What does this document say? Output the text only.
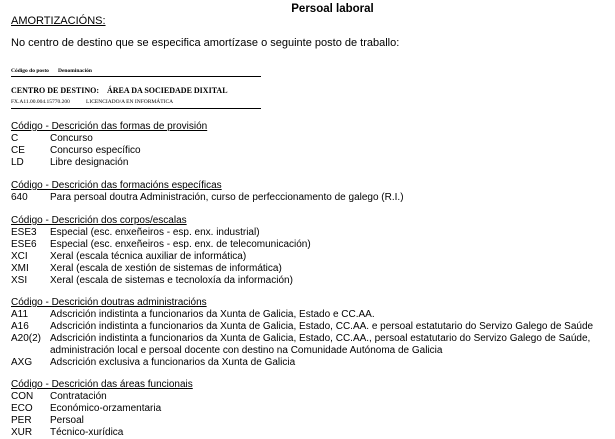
Persoal laboral
AMORTIZACIÓNS:
No centro de destino que se especifica amortízase o seguinte posto de traballo:
Código do posto Denominación
CENTRO DE DESTINO: ÁREA DA SOCIEDADE DIXITAL
FX.A11.00.004.15770.200	LICENCIADO/A EN INFORMÁTICA
Código - Descrición das formas de provisión
C	Concurso
CE	Concurso específico
LD	Libre designación
Código - Descrición das formacións específicas
640 Para persoal doutra Administración, curso de perfeccionamento de galego (R.I.)
Código - Descrición dos corpos/escalas
ESE3 Especial (esc. enxeñeiros - esp. enx. industrial)
ESE6 Especial (esc. enxeñeiros - esp. enx. de telecomunicación)
XCI Xeral (escala técnica auxiliar de informática)
XMI Xeral (escala de xestión de sistemas de informática)
XSI Xeral (escala de sistemas e tecnoloxía da información)
Código - Descrición doutras administracións
A11 Adscrición indistinta a funcionarios da Xunta de Galicia, Estado e CC.AA.
A16 Adscrición indistinta a funcionarios da Xunta de Galicia, Estado, CC.AA. e persoal estatutario do Servizo Galego de Saúde
A20(2) Adscrición indistinta a funcionarios da Xunta de Galicia, Estado, CC.AA., persoal estatutario do Servizo Galego de Saúde,
administración local e persoal docente con destino na Comunidade Autónoma de Galicia
AXG Adscrición exclusiva a funcionarios da Xunta de Galicia
Código - Descrición das áreas funcionais
CON Contratación
ECO Económico-orzamentaria
PER Persoal
XUR Técnico-xurídica
